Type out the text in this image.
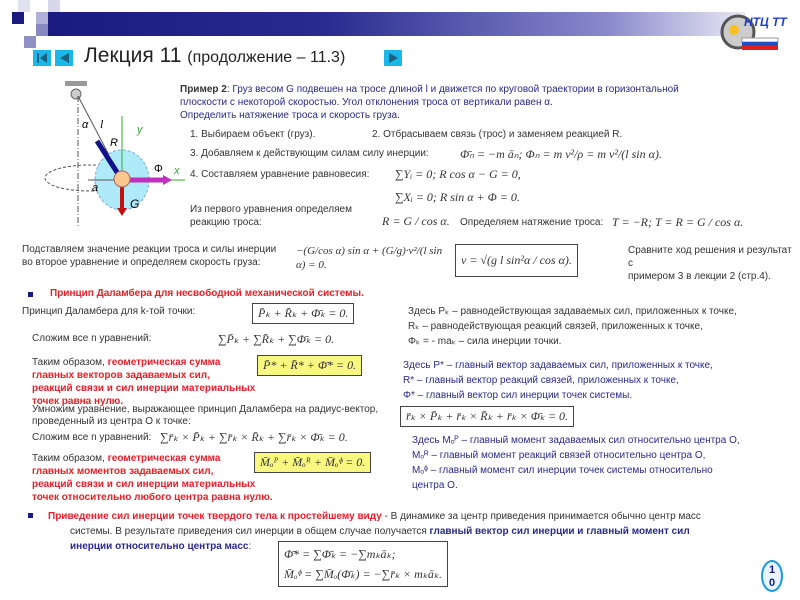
НТЦ ТТ
Лекция 11 (продолжение – 11.3)
l
α	y
x
R
G
Φ
a
Пример 2: Груз весом G подвешен на тросе длиной l и движется по круговой траектории в горизонтальной
плоскости с некоторой скоростью. Угол отклонения троса от вертикали равен α.
Определить натяжение троса и скорость груза.
1. Выбираем объект (груз).	2. Отбрасываем связь (трос) и заменяем реакцией R.
3. Добавляем к действующим силам силу инерции:	Φ̄ₙ = −m āₙ; Φₙ = m v²/ρ = m v²/(l sin α).
4. Составляем уравнение равновесия: ∑Yᵢ = 0; R cos α − G = 0,
∑Xᵢ = 0; R sin α + Φ = 0.
Из первого уравнения определяем
реакцию троса:	R = G / cos α. Определяем натяжение троса: T = −R; T = R = G / cos α.
Подставляем значение реакции троса и силы инерции
во второе уравнение и определяем скорость груза:
−(G/cos α) sin α + (G/g)·v²/(l sin α) = 0.	v = √(g l sin²α / cos α).
Сравните ход решения и результат с
примером 3 в лекции 2 (стр.4).
Принцип Даламбера для несвободной механической системы.
Принцип Даламбера для k-той точки:	P̄ₖ + R̄ₖ + Φ̄ₖ = 0.
Сложим все n уравнений:	∑P̄ₖ + ∑R̄ₖ + ∑Φ̄ₖ = 0.
Таким образом, геометрическая сумма
главных векторов задаваемых сил,
реакций связи и сил инерции материальных
точек равна нулю.
P̄* + R̄* + Φ̄* = 0.
Здесь Pₖ – равнодействующая задаваемых сил, приложенных к точке,
Rₖ – равнодействующая реакций связей, приложенных к точке,
Φₖ = - maₖ – сила инерции точки.
Здесь P* – главный вектор задаваемых сил, приложенных к точке,
R* – главный вектор реакций связей, приложенных к точке,
Φ* – главный вектор сил инерции точек системы.
Умножим уравнение, выражающее принцип Даламбера на радиус-вектор, проведенный из центра O к точке:	r̄ₖ × P̄ₖ + r̄ₖ × R̄ₖ + r̄ₖ × Φ̄ₖ = 0.
Сложим все n уравнений: ∑r̄ₖ × P̄ₖ + ∑r̄ₖ × R̄ₖ + ∑r̄ₖ × Φ̄ₖ = 0.
Таким образом, геометрическая сумма
главных моментов задаваемых сил,
реакций связи и сил инерции материальных
точек относительно любого центра равна нулю.
M̄ₒᴾ + M̄ₒᴿ + M̄ₒᶲ = 0.
Здесь Mₒᴾ – главный момент задаваемых сил относительно центра O,
Mₒᴿ – главный момент реакций связей относительно центра O,
Mₒᶲ – главный момент сил инерции точек системы относительно
центра O.
Приведение сил инерции точек твердого тела к простейшему виду - В динамике за центр приведения принимается обычно центр масс
системы. В результате приведения сил инерции в общем случае получается главный вектор сил инерции и главный момент сил
инерции относительно центра масс:
Φ̄* = ∑Φ̄ₖ = −∑mₖāₖ;
M̄ₒᶲ = ∑M̄ₒ(Φ̄ₖ) = −∑r̄ₖ × mₖāₖ.	1
0
